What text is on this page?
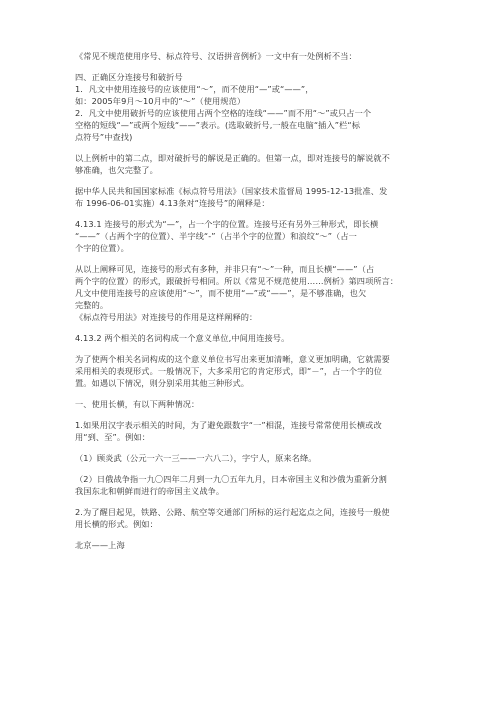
《常见不规范使用序号、标点符号、汉语拼音例析》一文中有一处例析不当：

四、正确区分连接号和破折号

1．凡文中使用连接号的应该使用“～”，而不使用“—”或“——”，
如：2005年9月～10月中的“～”（使用规范）

2．凡文中使用破折号的应该使用占两个空格的连线“——”而不用“～”或只占一个
空格的短线“—”或两个短线“——”表示。(选取破折号,一般在电脑“插入”栏“标
点符号”中查找)

以上例析中的第二点，即对破折号的解说是正确的。但第一点，即对连接号的解说就不
够准确，也欠完整了。

据中华人民共和国国家标准《标点符号用法》（国家技术监督局 1995-12-13批准、发
布 1996-06-01实施）4.13条对“连接号”的阐释是：

4.13.1 连接号的形式为“—”，占一个字的位置。连接号还有另外三种形式，即长横
“——”（占两个字的位置）、半字线“-”（占半个字的位置）和浪纹“～”（占一
个字的位置）。

从以上阐释可见，连接号的形式有多种，并非只有“～”一种，而且长横“——”（占
两个字的位置）的形式，跟破折号相同。所以《常见不规范使用……例析》第四项所言：
凡文中使用连接号的应该使用“～”，而不使用“—”或“——”，是不够准确，也欠
完整的。

《标点符号用法》对连接号的作用是这样阐释的：

4.13.2 两个相关的名词构成一个意义单位,中间用连接号。

为了使两个相关名词构成的这个意义单位书写出来更加清晰，意义更加明确，它就需要
采用相关的表现形式。一般情况下，大多采用它的肯定形式，即“－”，占一个字的位
置。如遇以下情况，则分别采用其他三种形式。

一、使用长横，有以下两种情况：

1.如果用汉字表示相关的时间，为了避免跟数字“一”相混，连接号常常使用长横或改
用“到、至”。例如：

（1）顾炎武（公元一六一三——一六八二），字宁人，原来名绛。

（2）日俄战争指一九〇四年二月到一九〇五年九月，日本帝国主义和沙俄为重新分割
我国东北和朝鲜而进行的帝国主义战争。

2.为了醒目起见，铁路、公路、航空等交通部门所标的运行起迄点之间，连接号一般使
用长横的形式。例如：

北京——上海
